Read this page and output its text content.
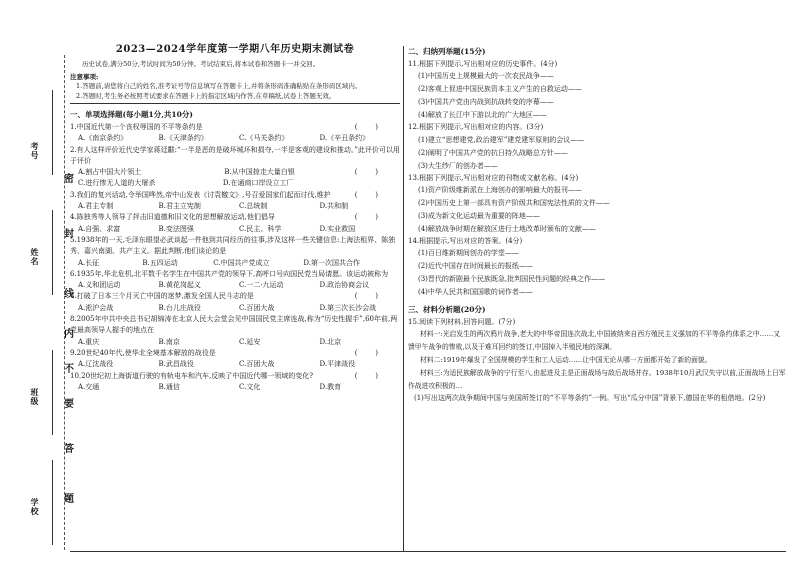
考号
姓名
班级
学校
密
封
线
内
不
要
答
题
2023—2024学年度第一学期八年历史期末测试卷
历史试卷,满分50分,考试时间为50分钟。考试结束后,将本试卷和答题卡一并交回。
注意事项:
1.答题前,请您将自己的姓名,准考证号等信息填写在答题卡上,并将条形码准确粘贴在条形码区域内。
2.答题时,考生务必按照考试要求在答题卡上的指定区域内作答,在草稿纸,试卷上答题无效。
一、单项选择题(每小题1分,共10分)
1.中国近代第一个丧权辱国的不平等条约是	(        )
A.《南京条约》	B.《天津条约》	C.《马关条约》	D.《辛丑条约》
2.有人这样评价近代史学家蒋廷黻:“一半是恶的是破坏城坏和损夺,一半是客观的建设和推动。”此评价可以用于评价
A.割占中国大片领土	B.从中国掠走大量白银	(        )
C.进行惨无人道的大屠杀	D.在通商口岸设立工厂
3.我们的复兴话动,令举国哗然,帝中山发表《讨袁檄文》,号召爱国家们起而讨伐,维护	(        )
A.君主专制	B.君主立宪制	C.总统制	D.共和制
4.陈独秀等人领导了抨击旧道德和旧文化的思想解放运动,他们倡导	(        )
A.自强、求富	B.变法图强	C.民主、科学	D.实业救国
5.1938年的一天,毛泽东眼望必武谈起一件他到共同经历的往事,涉及这样一些关键信息:上海法租界、陈独秀、嘉兴南湖、共产主义。据此判断,他们谈论的是
A.长征	B.五四运动	C.中国共产党成立	D.第一次国共合作
6.1935年,华北危机,北平数千名学生在中国共产党的领导下,高呼口号向国民党当局请愿。该运动被称为
A.义和团运动	B.黄花岗起义	C.一二·九运动	D.政治协商会议
7.打破了日本三个月灭亡中国的迷梦,激发全国人民斗志的是	(        )
A.淞沪会战	B.台儿庄战役	C.百团大战	D.第三次长沙会战
8.2005年中共中央总书记胡锦涛在北京人民大会堂会见中国国民党主席连战,称为“历史性握手”,60年前,两党最高领导人握手的地点在
A.重庆	B.南京	C.延安	D.北京
9.20世纪40年代,使华北全境基本解放的战役是	(        )
A.辽沈战役	B.武昌战役	C.百团大战	D.平津战役
10.20世纪初上海街道行驶的有轨电车和汽车,反映了中国近代哪一领域的变化?	(        )
A.交通	B.通信	C.文化	D.教育
二、归纳列举题(15分)
11.根据下列提示,写出相对应的历史事件。(4分)
(1)中国历史上规模最大的一次农民战争——
(2)客观上促进中国民族资本主义产生的自救运动——
(3)中国共产党由内战到抗战转变的序幕——
(4)解放了长江中下游以北的广大地区——
12.根据下列提示,写出相对应的内容。(3分)
(1)建立“思想建党,政治建军”建党建军原则的会议——
(2)阐明了中国共产党的抗日持久战略总方针——
(3)大生纱厂的创办者——
13.根据下列提示,写出相对应的刊物或文献名称。(4分)
(1)资产阶级维新派在上海创办的影响最大的报刊——
(2)中国历史上第一部具有资产阶级共和国宪法性质的文件——
(3)成为新文化运动最为重要的阵地——
(4)解放战争时期在解放区进行土地改革时颁布的文献——
14.根据提示,写出对应的答案。(4分)
(1)百日维新期间创办的学堂——
(2)近代中国存在时间最长的报纸——
(3)晋代的新剧最个民族既急,批判国民性问题的经典之作——
(4)中华人民共和国国歌的词作者——
三、材料分析题(20分)
15.阅读下列材料,回答问题。(7分)
材料一:光启发生的两次鸦片战争,老大的中华帝国连次战北,中国被纳来自西方殖民主义强加的不平等条约体系之中……又馈甲午战争的惨败,以及于难耳回约的签订,中国掉入半殖民地的深渊。
材料二:1919年爆发了全国规模的学生和工人运动……让中国无论从哪一方面都开始了新的面貌。
材料三:为适民族解放战争的宁行至八,由起进及主是正面战场与敌后战场并存。1938年10月武汉失守以前,正面战场上日军作战进攻积极的…
(1)写出这两次战争期间中国与美国所签订的“不平等条约”一例。写出“瓜分中国”背景下,德国在华的租借地。(2分)
